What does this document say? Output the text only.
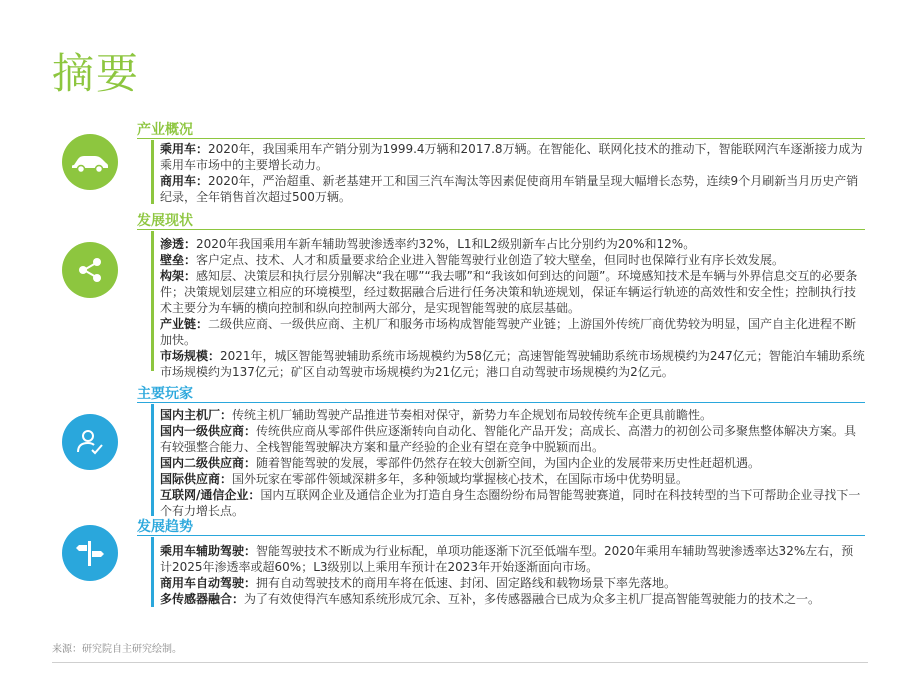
摘要
产业概况

乘用车：2020年，我国乘用车产销分别为1999.4万辆和2017.8万辆。在智能化、联网化技术的推动下，智能联网汽车逐渐接力成为乘用车市场中的主要增长动力。

商用车：2020年，严治超重、新老基建开工和国三汽车淘汰等因素促使商用车销量呈现大幅增长态势，连续9个月刷新当月历史产销纪录，全年销售首次超过500万辆。

发展现状

渗透：2020年我国乘用车新车辅助驾驶渗透率约32%，L1和L2级别新车占比分别约为20%和12%。

壁垒：客户定点、技术、人才和质量要求给企业进入智能驾驶行业创造了较大壁垒，但同时也保障行业有序长效发展。

构架：感知层、决策层和执行层分别解决“我在哪”“我去哪”和“我该如何到达的问题”。环境感知技术是车辆与外界信息交互的必要条件；决策规划层建立相应的环境模型，经过数据融合后进行任务决策和轨迹规划，保证车辆运行轨迹的高效性和安全性；控制执行技术主要分为车辆的横向控制和纵向控制两大部分，是实现智能驾驶的底层基础。

产业链：二级供应商、一级供应商、主机厂和服务市场构成智能驾驶产业链；上游国外传统厂商优势较为明显，国产自主化进程不断加快。

市场规模：2021年，城区智能驾驶辅助系统市场规模约为58亿元；高速智能驾驶辅助系统市场规模约为247亿元；智能泊车辅助系统市场规模约为137亿元；矿区自动驾驶市场规模约为21亿元；港口自动驾驶市场规模约为2亿元。

主要玩家

国内主机厂：传统主机厂辅助驾驶产品推进节奏相对保守，新势力车企规划布局较传统车企更具前瞻性。

国内一级供应商：传统供应商从零部件供应逐渐转向自动化、智能化产品开发；高成长、高潜力的初创公司多聚焦整体解决方案。具有较强整合能力、全栈智能驾驶解决方案和量产经验的企业有望在竞争中脱颖而出。

国内二级供应商：随着智能驾驶的发展，零部件仍然存在较大创新空间，为国内企业的发展带来历史性赶超机遇。

国际供应商：国外玩家在零部件领域深耕多年，多种领域均掌握核心技术，在国际市场中优势明显。

互联网/通信企业：国内互联网企业及通信企业为打造自身生态圈纷纷布局智能驾驶赛道，同时在科技转型的当下可帮助企业寻找下一个有力增长点。

发展趋势

乘用车辅助驾驶：智能驾驶技术不断成为行业标配，单项功能逐渐下沉至低端车型。2020年乘用车辅助驾驶渗透率达32%左右，预计2025年渗透率或超60%；L3级别以上乘用车预计在2023年开始逐渐面向市场。

商用车自动驾驶：拥有自动驾驶技术的商用车将在低速、封闭、固定路线和载物场景下率先落地。

多传感器融合：为了有效使得汽车感知系统形成冗余、互补，多传感器融合已成为众多主机厂提高智能驾驶能力的技术之一。

来源：研究院自主研究绘制。
